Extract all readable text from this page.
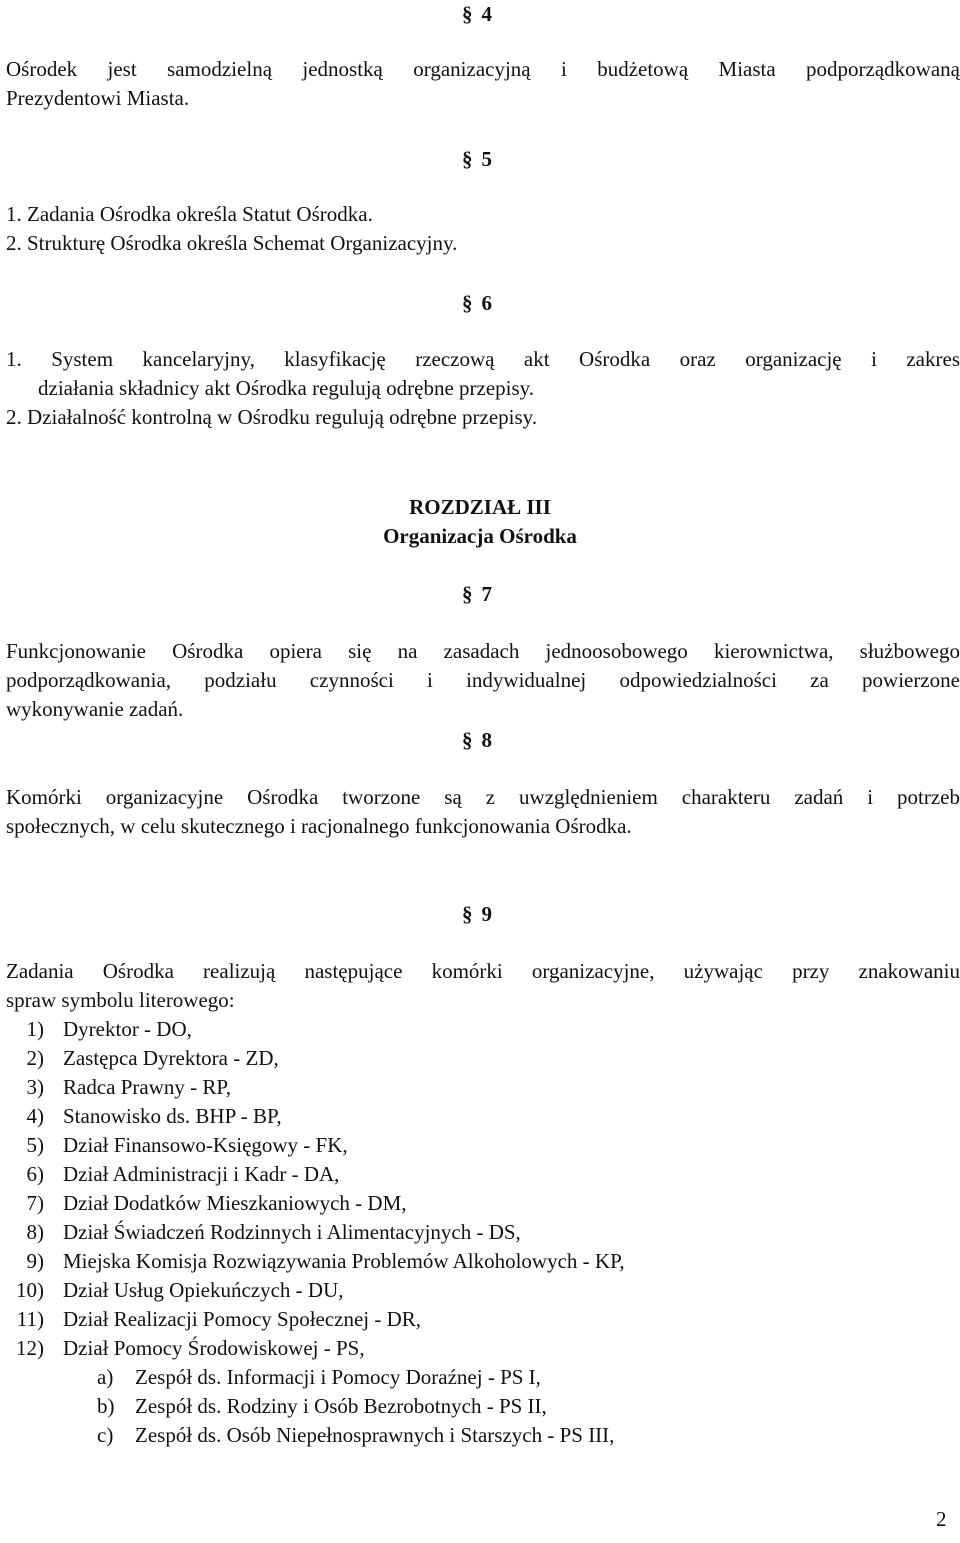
§ 4
Ośrodek jest samodzielną jednostką organizacyjną i budżetową Miasta podporządkowaną
Prezydentowi Miasta.
§ 5
1. Zadania Ośrodka określa Statut Ośrodka.
2. Strukturę Ośrodka określa Schemat Organizacyjny.
§ 6
1. System kancelaryjny, klasyfikację rzeczową akt Ośrodka oraz organizację i zakres
działania składnicy akt Ośrodka regulują odrębne przepisy.
2. Działalność kontrolną w Ośrodku regulują odrębne przepisy.
ROZDZIAŁ III
Organizacja Ośrodka
§ 7
Funkcjonowanie Ośrodka opiera się na zasadach jednoosobowego kierownictwa, służbowego
podporządkowania, podziału czynności i indywidualnej odpowiedzialności za powierzone
wykonywanie zadań.
§ 8
Komórki organizacyjne Ośrodka tworzone są z uwzględnieniem charakteru zadań i potrzeb
społecznych, w celu skutecznego i racjonalnego funkcjonowania Ośrodka.
§ 9
Zadania Ośrodka realizują następujące komórki organizacyjne, używając przy znakowaniu
spraw symbolu literowego:
1) Dyrektor - DO,
2) Zastępca Dyrektora - ZD,
3) Radca Prawny - RP,
4) Stanowisko ds. BHP - BP,
5) Dział Finansowo-Księgowy - FK,
6) Dział Administracji i Kadr - DA,
7) Dział Dodatków Mieszkaniowych - DM,
8) Dział Świadczeń Rodzinnych i Alimentacyjnych - DS,
9) Miejska Komisja Rozwiązywania Problemów Alkoholowych - KP,
10) Dział Usług Opiekuńczych - DU,
11) Dział Realizacji Pomocy Społecznej - DR,
12) Dział Pomocy Środowiskowej - PS,
a) Zespół ds. Informacji i Pomocy Doraźnej - PS I,
b) Zespół ds. Rodziny i Osób Bezrobotnych - PS II,
c) Zespół ds. Osób Niepełnosprawnych i Starszych - PS III,
2
